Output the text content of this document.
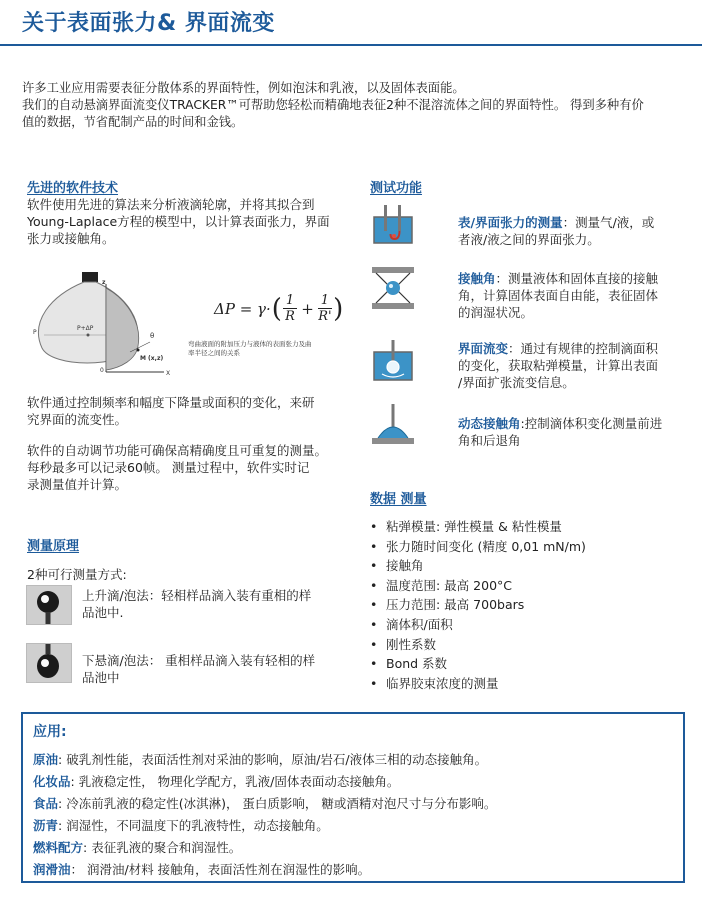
关于表面张力& 界面流变
许多工业应用需要表征分散体系的界面特性，例如泡沫和乳液，以及固体表面能。
我们的自动悬滴界面流变仪TRACKER™可帮助您轻松而精确地表征2种不混溶流体之间的界面特性。 得到多种有价
值的数据，节省配制产品的时间和金钱。
先进的软件技术
软件使用先进的算法来分析液滴轮廓，并将其拟合到
Young-Laplace方程的模型中，以计算表面张力，界面
张力或接触角。
P+ΔP
P
z
X
0
M (x,z)
θ
ΔP = γ· ( $\frac{1}{R} + \frac{1}{R'}$ )
弯曲液面的附加压力与液体的表面张力及曲
率半径之间的关系
软件通过控制频率和幅度下降量或面积的变化，来研
究界面的流变性。
软件的自动调节功能可确保高精确度且可重复的测量。
每秒最多可以记录60帧。 测量过程中，软件实时记
录测量值并计算。
测量原理
2种可行测量方式:
上升滴/泡法：轻相样品滴入装有重相的样
品池中.
下悬滴/泡法： 重相样品滴入装有轻相的样
品池中
测试功能
表/界面张力的测量：测量气/液，或
者液/液之间的界面张力。
接触角：测量液体和固体直接的接触
角，计算固体表面自由能，表征固体
的润湿状况。
界面流变：通过有规律的控制滴面积
的变化，获取粘弹模量，计算出表面
/界面扩张流变信息。
动态接触角:控制滴体积变化测量前进
角和后退角
数据 测量
• 粘弹模量: 弹性模量 & 粘性模量
• 张力随时间变化 (精度 0,01 mN/m)
• 接触角
• 温度范围: 最高 200°C
• 压力范围: 最高 700bars
• 滴体积/面积
• 刚性系数
• Bond 系数
• 临界胶束浓度的测量
应用:
原油: 破乳剂性能，表面活性剂对采油的影响，原油/岩石/液体三相的动态接触角。
化妆品: 乳液稳定性， 物理化学配方，乳液/固体表面动态接触角。
食品: 冷冻前乳液的稳定性(冰淇淋)， 蛋白质影响， 糖或酒精对泡尺寸与分布影响。
沥青: 润湿性，不同温度下的乳液特性，动态接触角。
燃料配方: 表征乳液的聚合和润湿性。
润滑油： 润滑油/材料 接触角，表面活性剂在润湿性的影响。
